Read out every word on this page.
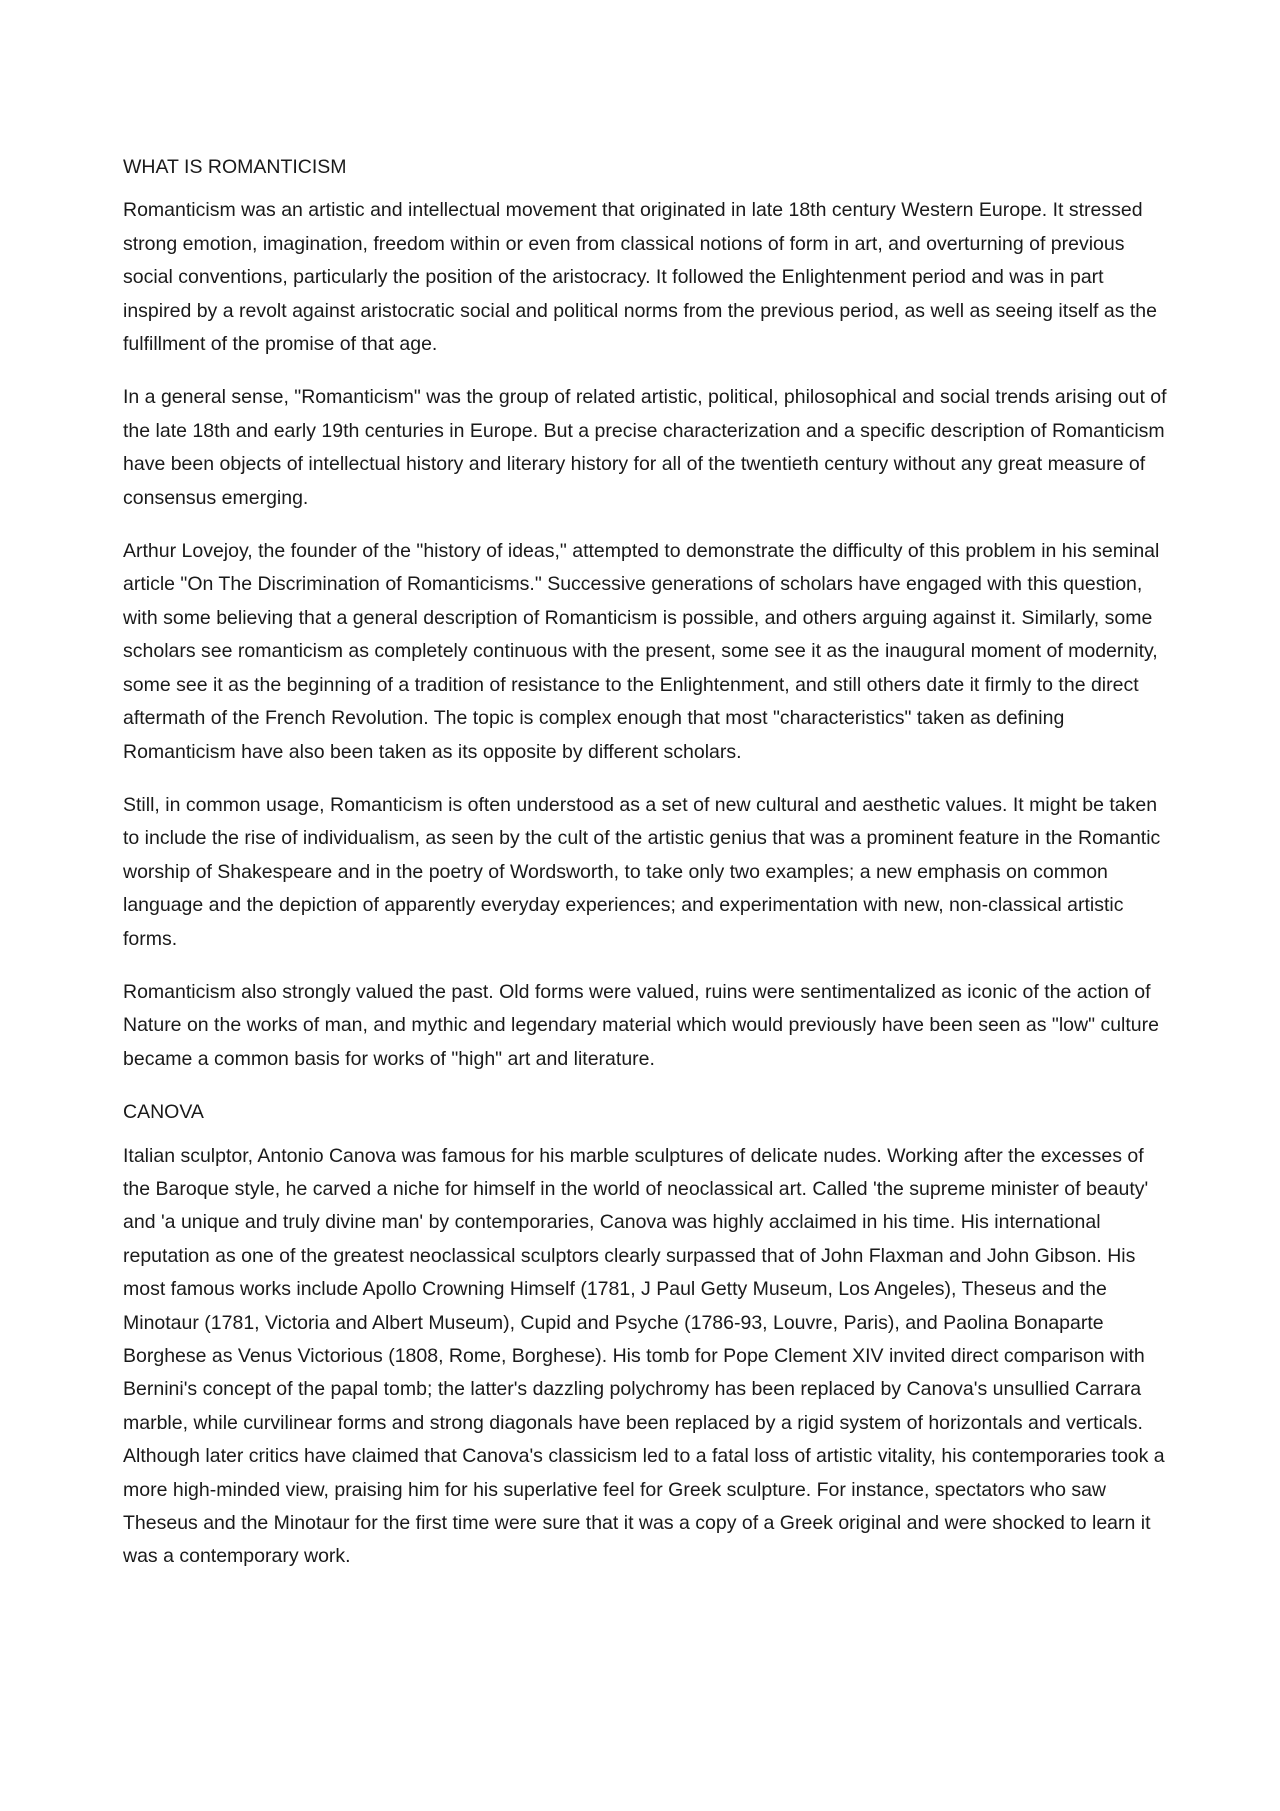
WHAT IS ROMANTICISM

Romanticism was an artistic and intellectual movement that originated in late 18th century Western Europe. It stressed strong emotion, imagination, freedom within or even from classical notions of form in art, and overturning of previous social conventions, particularly the position of the aristocracy. It followed the Enlightenment period and was in part inspired by a revolt against aristocratic social and political norms from the previous period, as well as seeing itself as the fulfillment of the promise of that age.

In a general sense, "Romanticism" was the group of related artistic, political, philosophical and social trends arising out of the late 18th and early 19th centuries in Europe. But a precise characterization and a specific description of Romanticism have been objects of intellectual history and literary history for all of the twentieth century without any great measure of consensus emerging.

Arthur Lovejoy, the founder of the "history of ideas," attempted to demonstrate the difficulty of this problem in his seminal article "On The Discrimination of Romanticisms." Successive generations of scholars have engaged with this question, with some believing that a general description of Romanticism is possible, and others arguing against it. Similarly, some scholars see romanticism as completely continuous with the present, some see it as the inaugural moment of modernity, some see it as the beginning of a tradition of resistance to the Enlightenment, and still others date it firmly to the direct aftermath of the French Revolution. The topic is complex enough that most "characteristics" taken as defining Romanticism have also been taken as its opposite by different scholars.

Still, in common usage, Romanticism is often understood as a set of new cultural and aesthetic values. It might be taken to include the rise of individualism, as seen by the cult of the artistic genius that was a prominent feature in the Romantic worship of Shakespeare and in the poetry of Wordsworth, to take only two examples; a new emphasis on common language and the depiction of apparently everyday experiences; and experimentation with new, non-classical artistic forms.

Romanticism also strongly valued the past. Old forms were valued, ruins were sentimentalized as iconic of the action of Nature on the works of man, and mythic and legendary material which would previously have been seen as "low" culture became a common basis for works of "high" art and literature.

CANOVA

Italian sculptor, Antonio Canova was famous for his marble sculptures of delicate nudes. Working after the excesses of the Baroque style, he carved a niche for himself in the world of neoclassical art. Called 'the supreme minister of beauty' and 'a unique and truly divine man' by contemporaries, Canova was highly acclaimed in his time. His international reputation as one of the greatest neoclassical sculptors clearly surpassed that of John Flaxman and John Gibson. His most famous works include Apollo Crowning Himself (1781, J Paul Getty Museum, Los Angeles), Theseus and the Minotaur (1781, Victoria and Albert Museum), Cupid and Psyche (1786-93, Louvre, Paris), and Paolina Bonaparte Borghese as Venus Victorious (1808, Rome, Borghese). His tomb for Pope Clement XIV invited direct comparison with Bernini's concept of the papal tomb; the latter's dazzling polychromy has been replaced by Canova's unsullied Carrara marble, while curvilinear forms and strong diagonals have been replaced by a rigid system of horizontals and verticals. Although later critics have claimed that Canova's classicism led to a fatal loss of artistic vitality, his contemporaries took a more high-minded view, praising him for his superlative feel for Greek sculpture. For instance, spectators who saw Theseus and the Minotaur for the first time were sure that it was a copy of a Greek original and were shocked to learn it was a contemporary work.
